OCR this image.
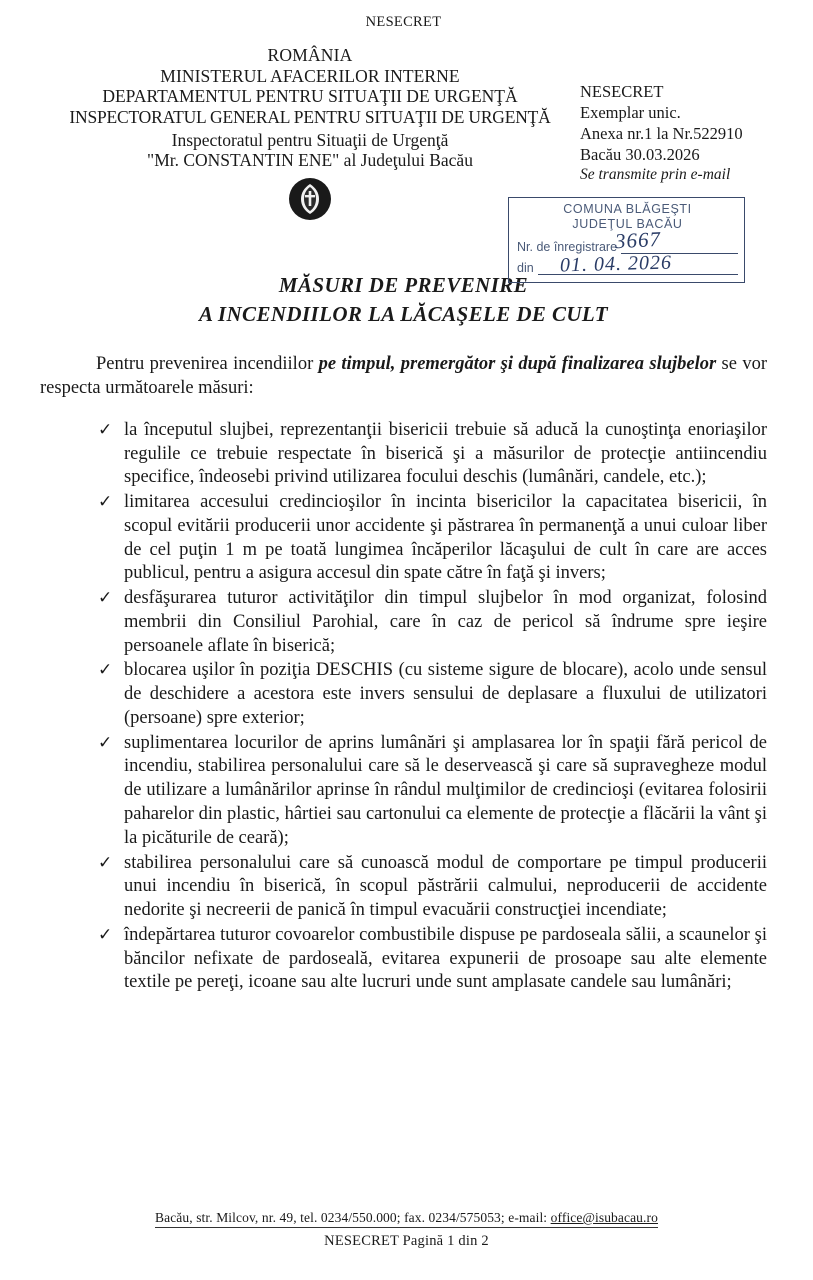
NESECRET
ROMÂNIA
MINISTERUL AFACERILOR INTERNE
DEPARTAMENTUL PENTRU SITUAŢII DE URGENŢĂ
INSPECTORATUL GENERAL PENTRU SITUAŢII DE URGENŢĂ
Inspectoratul pentru Situaţii de Urgenţă
"Mr. CONSTANTIN ENE" al Judeţului Bacău
NESECRET
Exemplar unic.
Anexa nr.1 la Nr.522910
Bacău 30.03.2026
Se transmite prin e-mail
COMUNA BLĂGEŞTI
JUDEŢUL BACĂU
Nr. de înregistrare
din
3667
01. 04. 2026
MĂSURI DE PREVENIRE
A INCENDIILOR LA LĂCAŞELE DE CULT

Pentru prevenirea incendiilor pe timpul, premergător şi după finalizarea slujbelor se vor respecta următoarele măsuri:

✓ la începutul slujbei, reprezentanţii bisericii trebuie să aducă la cunoştinţa enoriaşilor regulile ce trebuie respectate în biserică şi a măsurilor de protecţie antiincendiu specifice, îndeosebi privind utilizarea focului deschis (lumânări, candele, etc.);
✓ limitarea accesului credincioşilor în incinta bisericilor la capacitatea bisericii, în scopul evitării producerii unor accidente şi păstrarea în permanenţă a unui culoar liber de cel puţin 1 m pe toată lungimea încăperilor lăcaşului de cult în care are acces publicul, pentru a asigura accesul din spate către în faţă şi invers;
✓ desfăşurarea tuturor activităţilor din timpul slujbelor în mod organizat, folosind membrii din Consiliul Parohial, care în caz de pericol să îndrume spre ieşire persoanele aflate în biserică;
✓ blocarea uşilor în poziţia DESCHIS (cu sisteme sigure de blocare), acolo unde sensul de deschidere a acestora este invers sensului de deplasare a fluxului de utilizatori (persoane) spre exterior;
✓ suplimentarea locurilor de aprins lumânări şi amplasarea lor în spaţii fără pericol de incendiu, stabilirea personalului care să le deservească şi care să supravegheze modul de utilizare a lumânărilor aprinse în rândul mulţimilor de credincioşi (evitarea folosirii paharelor din plastic, hârtiei sau cartonului ca elemente de protecţie a flăcării la vânt şi la picăturile de ceară);
✓ stabilirea personalului care să cunoască modul de comportare pe timpul producerii unui incendiu în biserică, în scopul păstrării calmului, neproducerii de accidente nedorite şi necreerii de panică în timpul evacuării construcţiei incendiate;
✓ îndepărtarea tuturor covoarelor combustibile dispuse pe pardoseala sălii, a scaunelor şi băncilor nefixate de pardoseală, evitarea expunerii de prosoape sau alte elemente textile pe pereţi, icoane sau alte lucruri unde sunt amplasate candele sau lumânări;
Bacău, str. Milcov, nr. 49, tel. 0234/550.000; fax. 0234/575053; e-mail: office@isubacau.ro
NESECRET Pagină 1 din 2
